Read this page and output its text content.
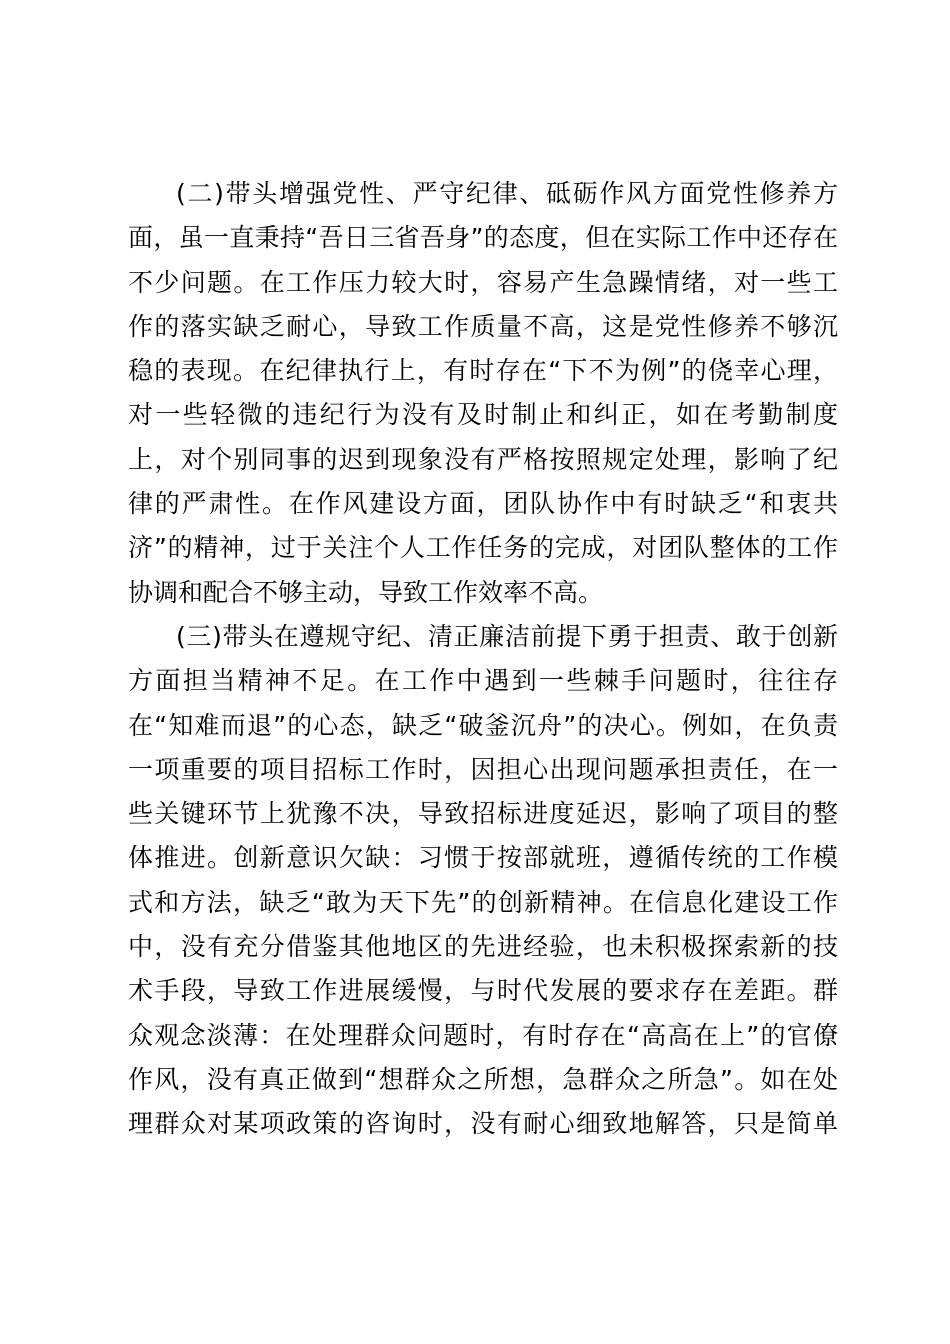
(二)带头增强党性、严守纪律、砥砺作风方面党性修养方
面，虽一直秉持“吾日三省吾身”的态度，但在实际工作中还存在
不少问题。在工作压力较大时，容易产生急躁情绪，对一些工
作的落实缺乏耐心，导致工作质量不高，这是党性修养不够沉
稳的表现。在纪律执行上，有时存在“下不为例”的侥幸心理，
对一些轻微的违纪行为没有及时制止和纠正，如在考勤制度
上，对个别同事的迟到现象没有严格按照规定处理，影响了纪
律的严肃性。在作风建设方面，团队协作中有时缺乏“和衷共
济”的精神，过于关注个人工作任务的完成，对团队整体的工作
协调和配合不够主动，导致工作效率不高。
(三)带头在遵规守纪、清正廉洁前提下勇于担责、敢于创新
方面担当精神不足。在工作中遇到一些棘手问题时，往往存
在“知难而退”的心态，缺乏“破釜沉舟”的决心。例如，在负责
一项重要的项目招标工作时，因担心出现问题承担责任，在一
些关键环节上犹豫不决，导致招标进度延迟，影响了项目的整
体推进。创新意识欠缺：习惯于按部就班，遵循传统的工作模
式和方法，缺乏“敢为天下先”的创新精神。在信息化建设工作
中，没有充分借鉴其他地区的先进经验，也未积极探索新的技
术手段，导致工作进展缓慢，与时代发展的要求存在差距。群
众观念淡薄：在处理群众问题时，有时存在“高高在上”的官僚
作风，没有真正做到“想群众之所想，急群众之所急”。如在处
理群众对某项政策的咨询时，没有耐心细致地解答，只是简单
